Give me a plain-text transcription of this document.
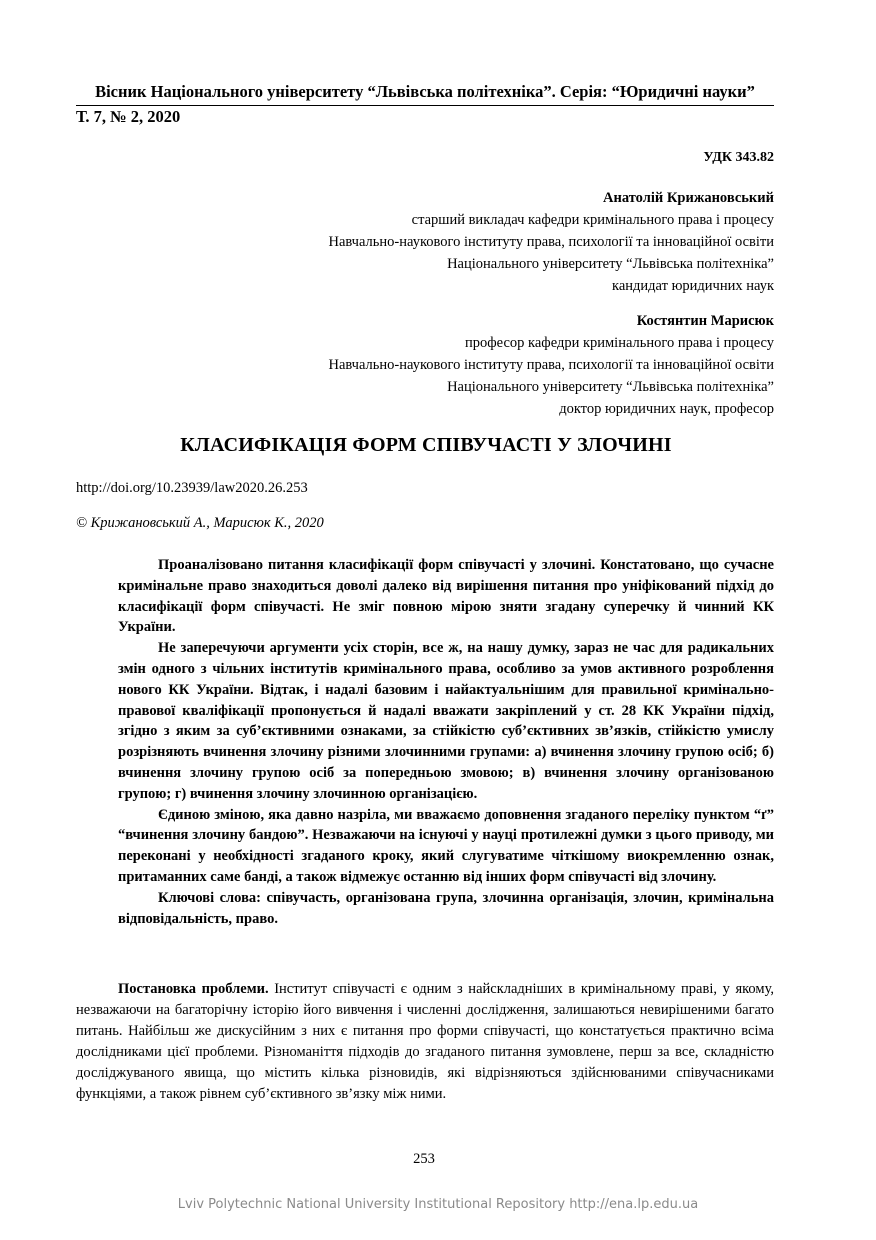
Вісник Національного університету “Львівська політехніка”. Серія: “Юридичні науки”
Т. 7, № 2, 2020
УДК 343.82
Анатолій Крижановський
старший викладач кафедри кримінального права і процесу
Навчально-наукового інституту права, психології та інноваційної освіти
Національного університету “Львівська політехніка”
кандидат юридичних наук
Костянтин Марисюк
професор кафедри кримінального права і процесу
Навчально-наукового інституту права, психології та інноваційної освіти
Національного університету “Львівська політехніка”
доктор юридичних наук, професор
КЛАСИФІКАЦІЯ ФОРМ СПІВУЧАСТІ У ЗЛОЧИНІ
http://doi.org/10.23939/law2020.26.253
© Крижановський А., Марисюк К., 2020

Проаналізовано питання класифікації форм співучасті у злочині. Констатовано, що сучасне кримінальне право знаходиться доволі далеко від вирішення питання про уніфікований підхід до класифікації форм співучасті. Не зміг повною мірою зняти згадану суперечку й чинний КК України.

Не заперечуючи аргументи усіх сторін, все ж, на нашу думку, зараз не час для радикальних змін одного з чільних інститутів кримінального права, особливо за умов активного розроблення нового КК України. Відтак, і надалі базовим і найактуальнішим для правильної кримінально-правової кваліфікації пропонується й надалі вважати закріплений у ст. 28 КК України підхід, згідно з яким за суб’єктивними ознаками, за стійкістю суб’єктивних зв’язків, стійкістю умислу розрізняють вчинення злочину різними злочинними групами: а) вчинення злочину групою осіб; б) вчинення злочину групою осіб за попередньою змовою; в) вчинення злочину організованою групою; г) вчинення злочину злочинною організацією.

Єдиною зміною, яка давно назріла, ми вважаємо доповнення згаданого переліку пунктом “ґ” “вчинення злочину бандою”. Незважаючи на існуючі у науці протилежні думки з цього приводу, ми переконані у необхідності згаданого кроку, який слугуватиме чіткішому виокремленню ознак, притаманних саме банді, а також відмежує останню від інших форм співучасті від злочину.

Ключові слова: співучасть, організована група, злочинна організація, злочин, кримінальна відповідальність, право.

Постановка проблеми. Інститут співучасті є одним з найскладніших в кримінальному праві, у якому, незважаючи на багаторічну історію його вивчення і численні дослідження, залишаються невирішеними багато питань. Найбільш же дискусійним з них є питання про форми співучасті, що констатується практично всіма дослідниками цієї проблеми. Різноманіття підходів до згаданого питання зумовлене, перш за все, складністю досліджуваного явища, що містить кілька різновидів, які відрізняються здійснюваними співучасниками функціями, а також рівнем суб’єктивного зв’язку між ними.

253
Lviv Polytechnic National University Institutional Repository http://ena.lp.edu.ua
